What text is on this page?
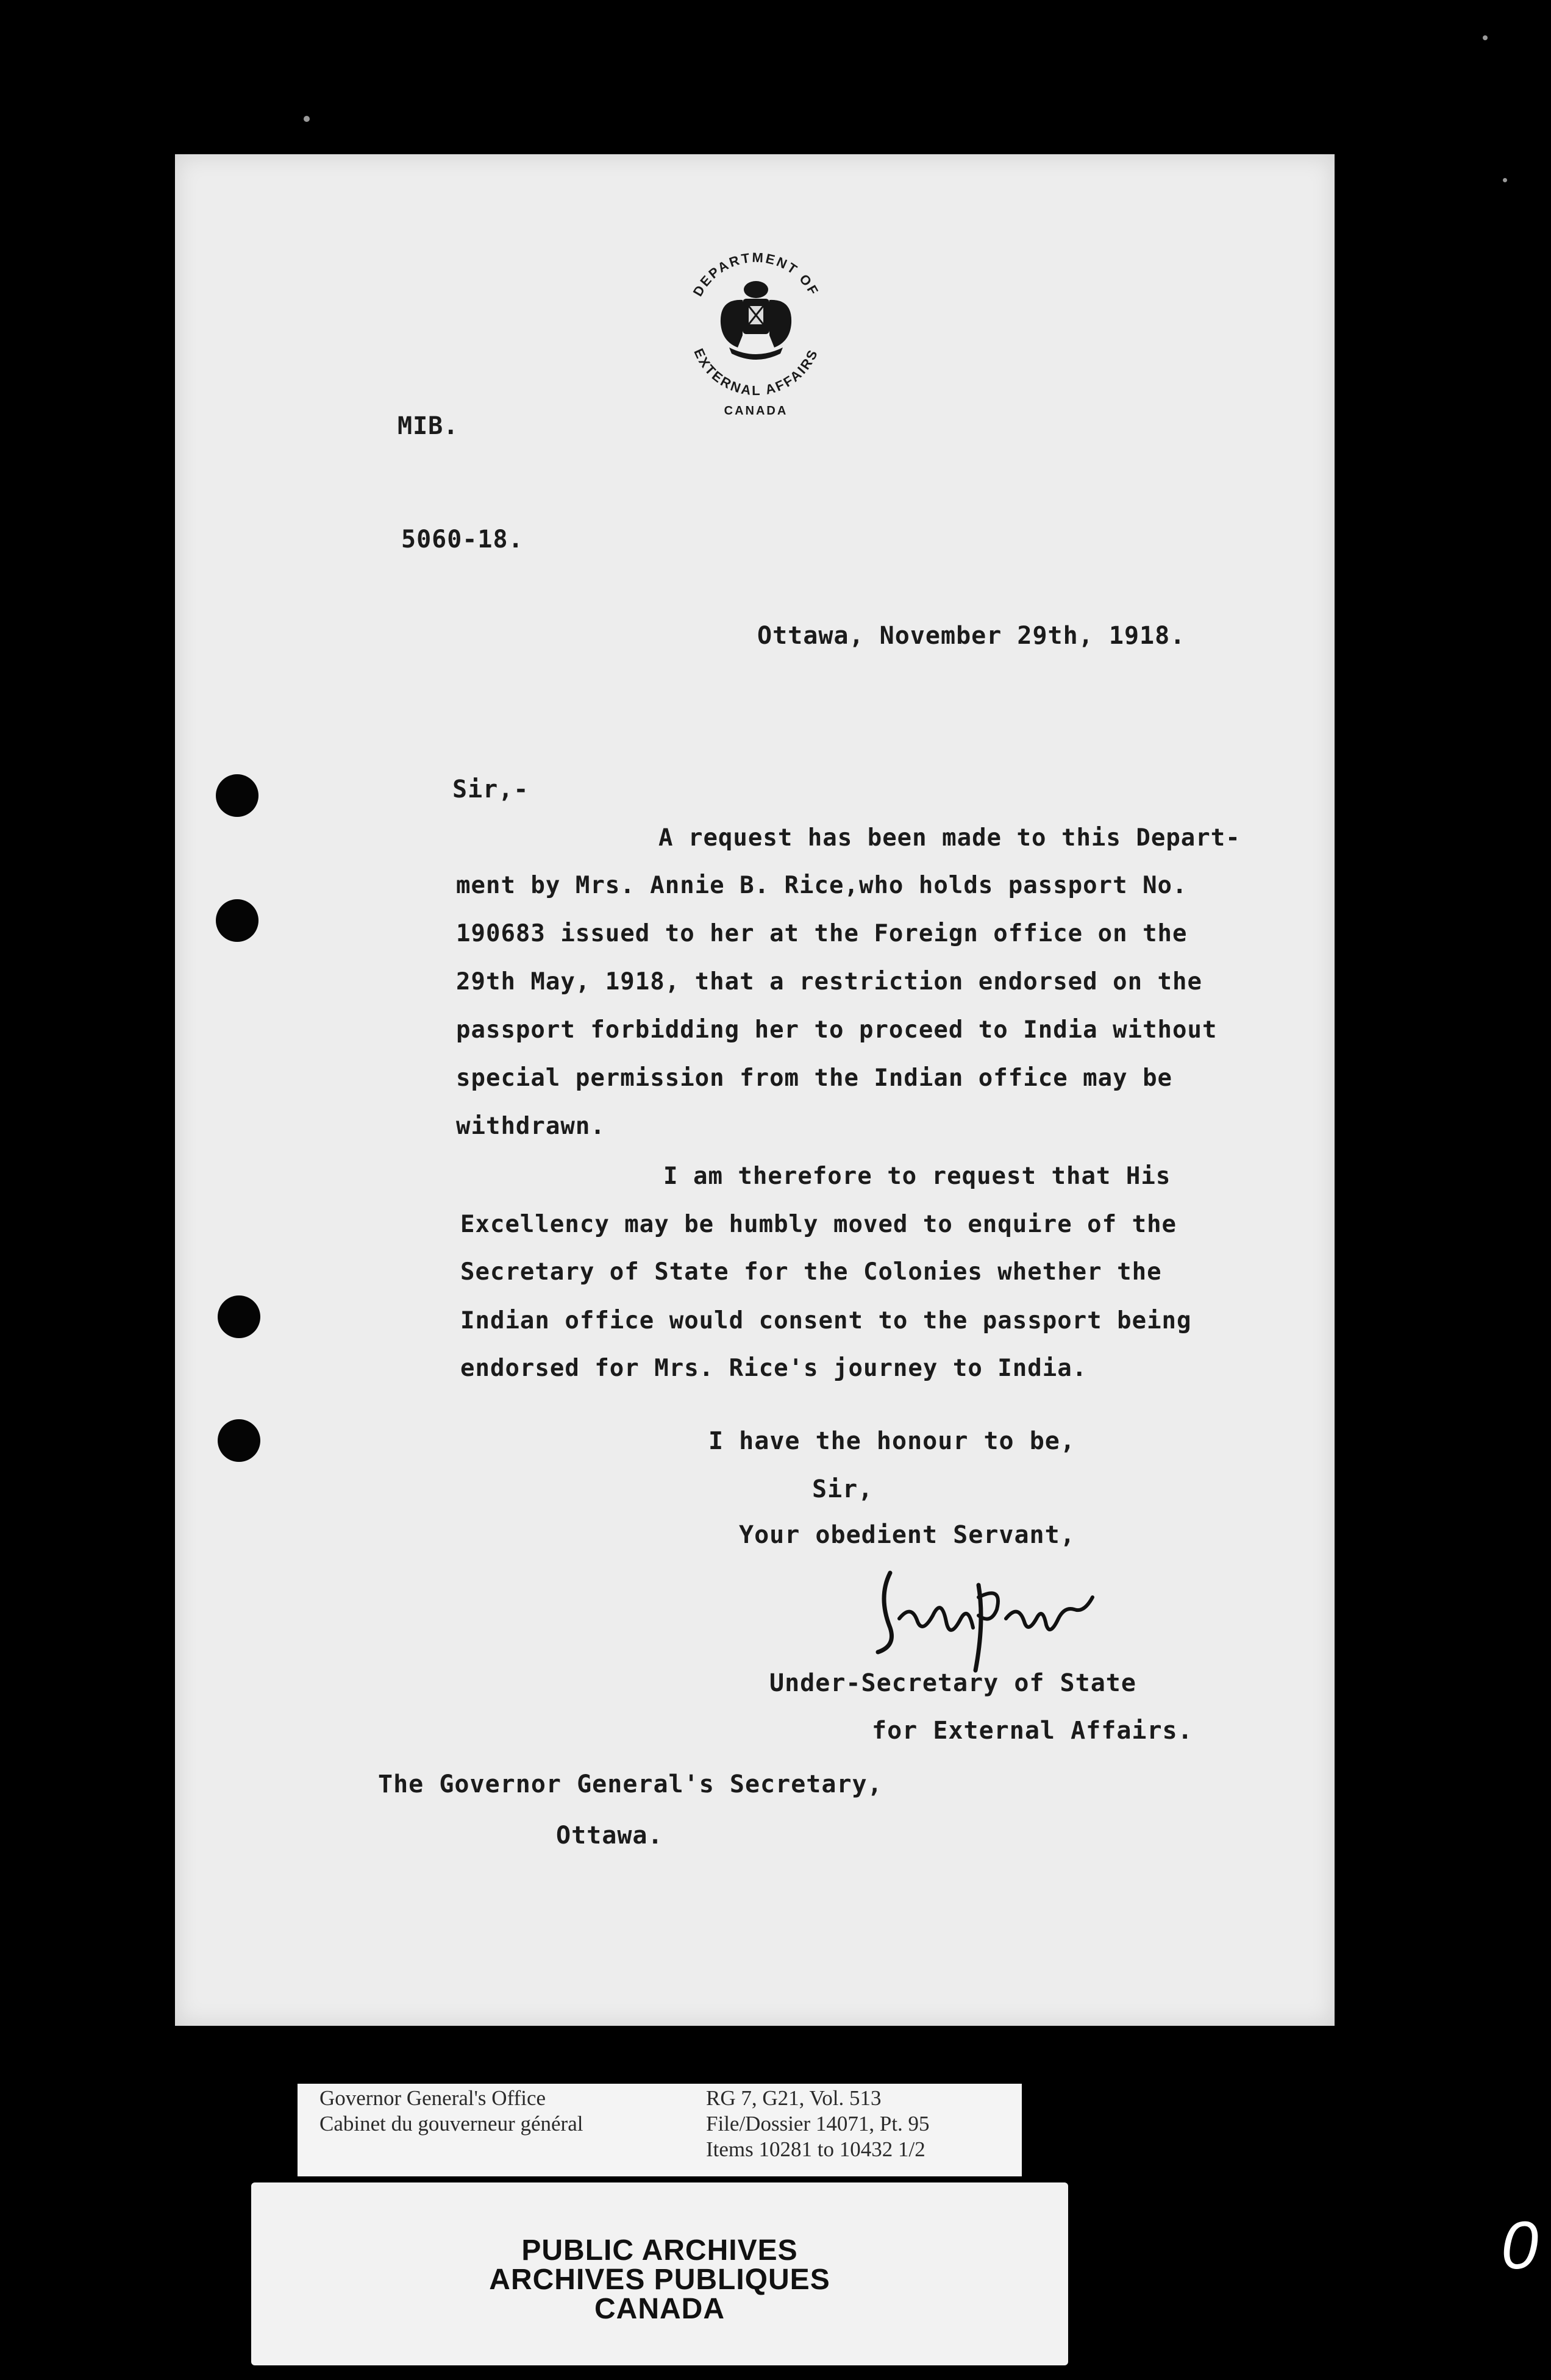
DEPARTMENT OF
EXTERNAL AFFAIRS
CANADA
MIB.
5060-18.
Ottawa, November 29th, 1918.
Sir,-
A request has been made to this Depart-
ment by Mrs. Annie B. Rice,who holds passport No.
190683 issued to her at the Foreign office on the
29th May, 1918, that a restriction endorsed on the
passport forbidding her to proceed to India without
special permission from the Indian office may be
withdrawn.
I am therefore to request that His
Excellency may be humbly moved to enquire of the
Secretary of State for the Colonies whether the
Indian office would consent to the passport being
endorsed for Mrs. Rice's journey to India.
I have the honour to be,
Sir,
Your obedient Servant,
Under-Secretary of State
for External Affairs.
The Governor General's Secretary,
Ottawa.
Governor General's Office
Cabinet du gouverneur général
RG 7, G21, Vol. 513
File/Dossier 14071, Pt. 95
Items 10281 to 10432 1/2
PUBLIC ARCHIVES
ARCHIVES PUBLIQUES
CANADA
0
